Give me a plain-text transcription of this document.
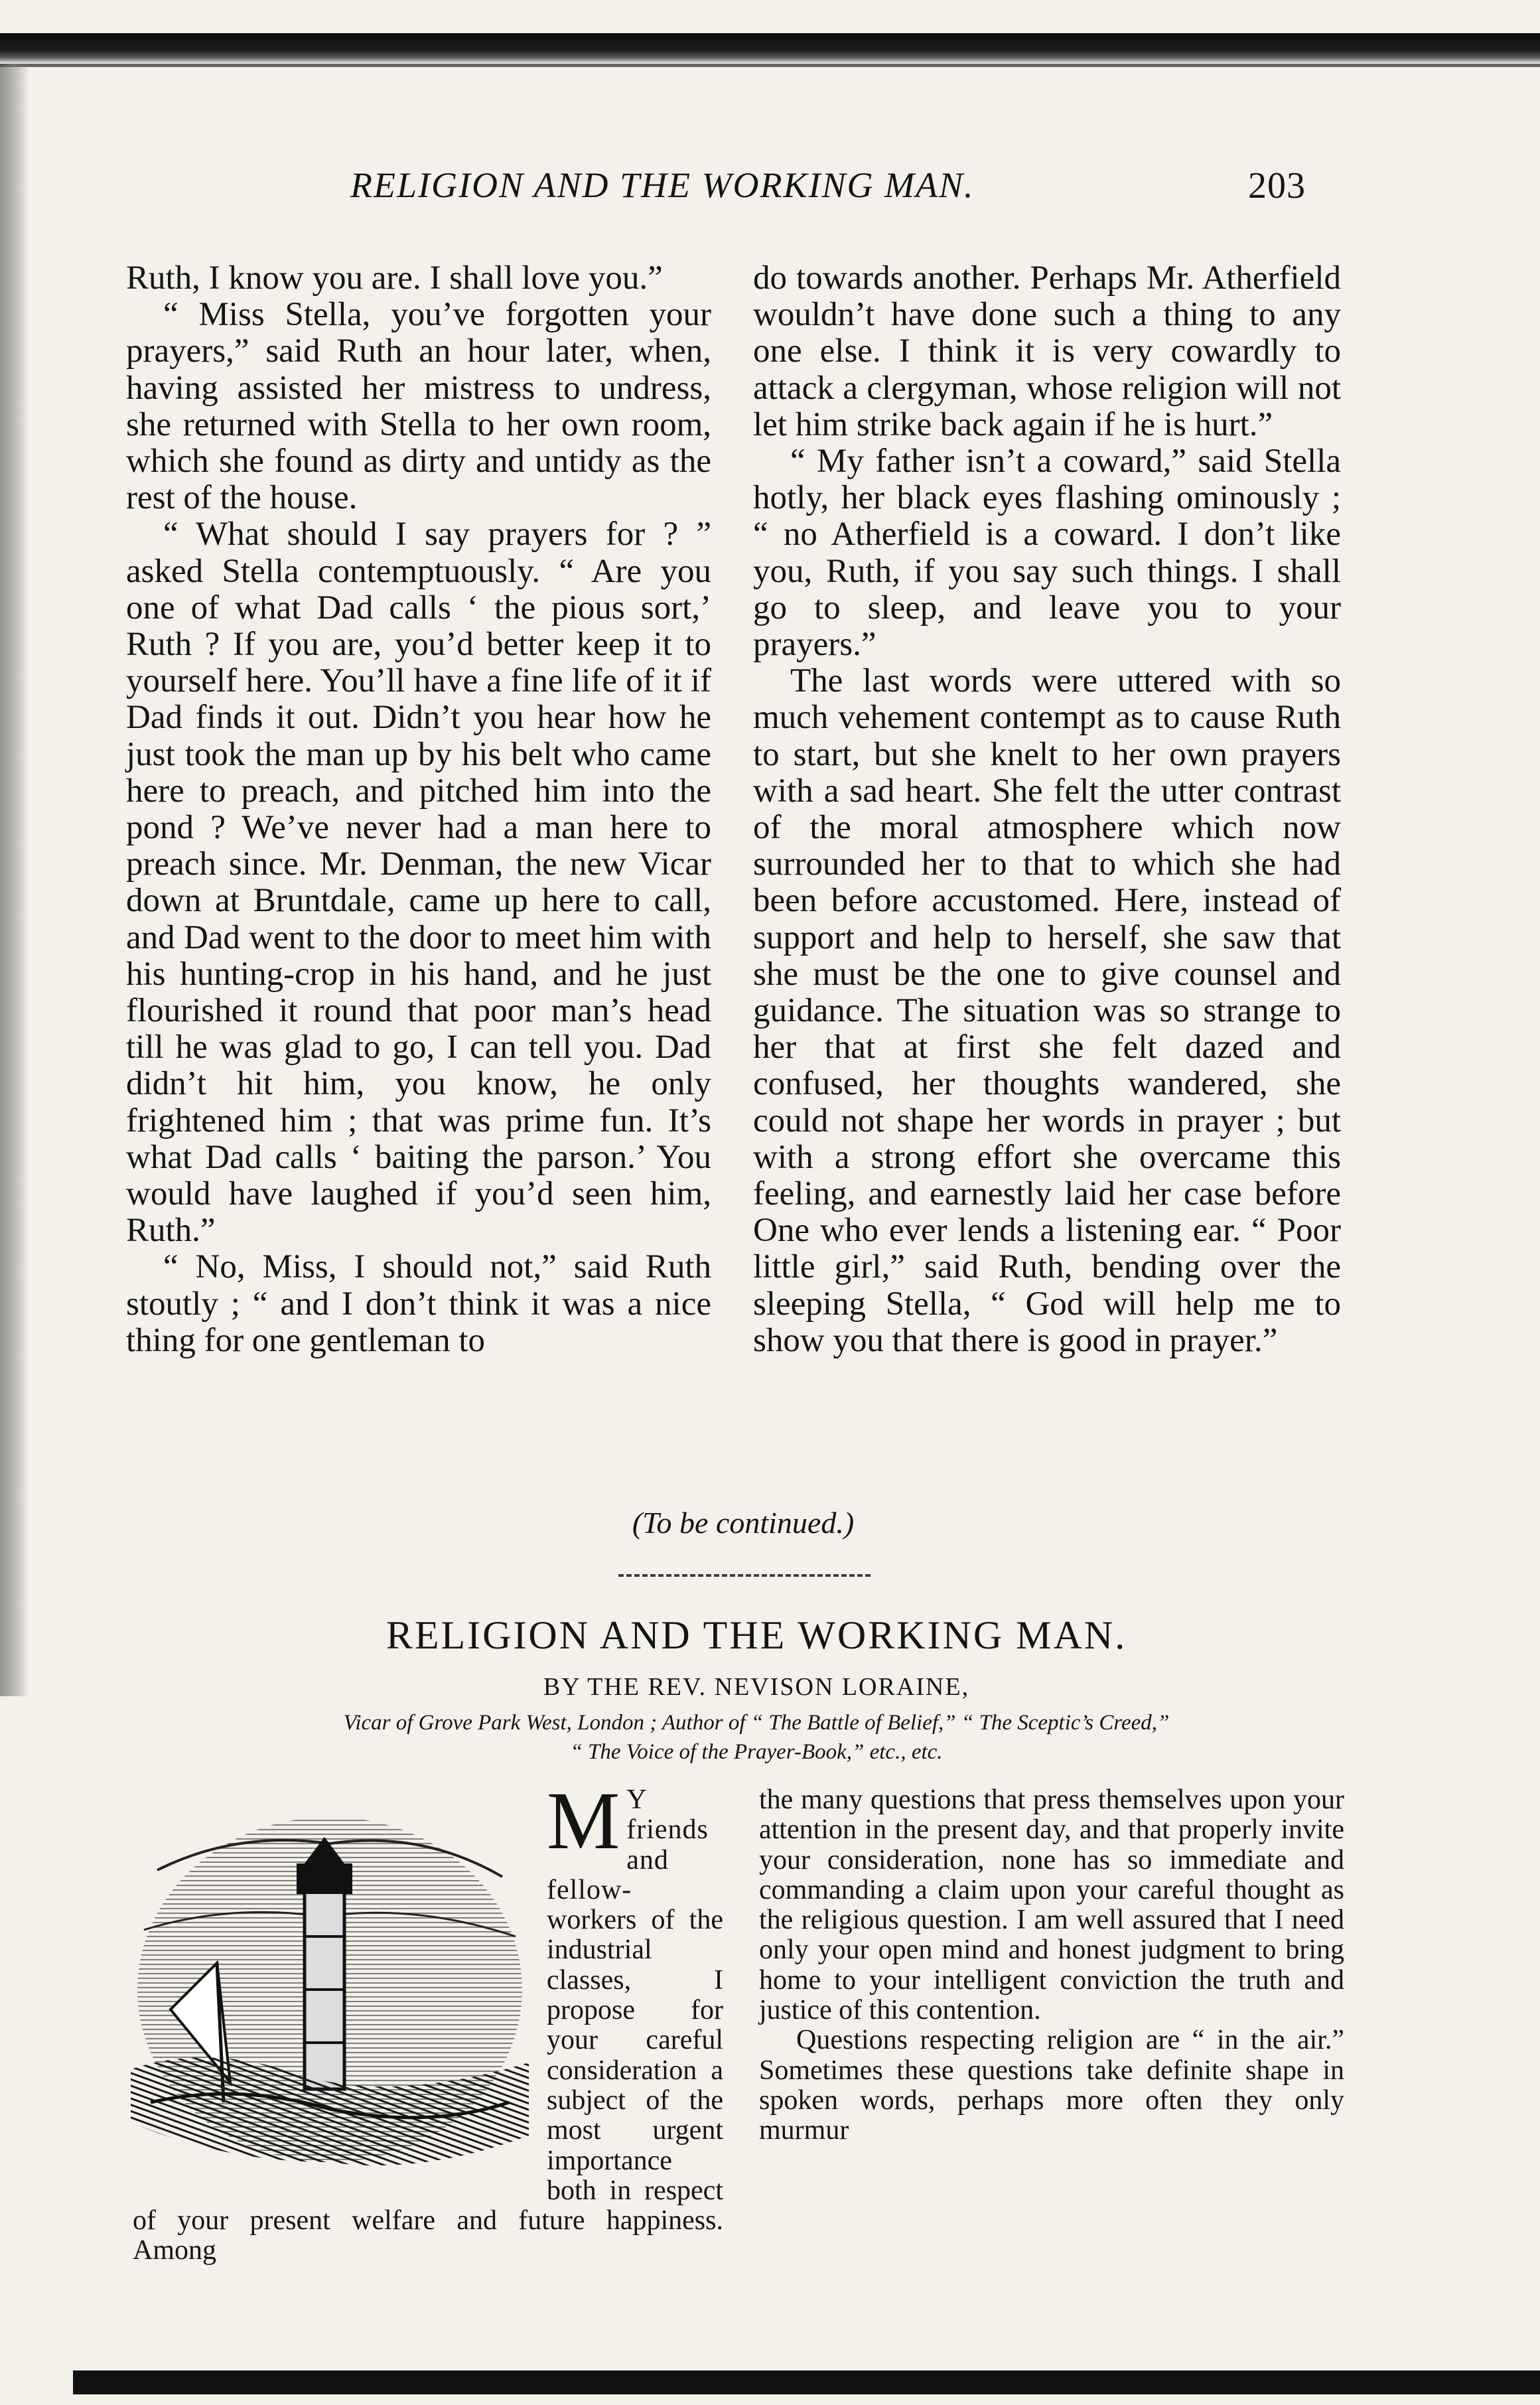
RELIGION AND THE WORKING MAN.	203

Ruth, I know you are. I shall love you.”

“ Miss Stella, you’ve forgotten your prayers,” said Ruth an hour later, when, having assisted her mistress to undress, she returned with Stella to her own room, which she found as dirty and untidy as the rest of the house.

“ What should I say prayers for ? ” asked Stella contemptuously. “ Are you one of what Dad calls ‘ the pious sort,’ Ruth ? If you are, you’d better keep it to yourself here. You’ll have a fine life of it if Dad finds it out. Didn’t you hear how he just took the man up by his belt who came here to preach, and pitched him into the pond ? We’ve never had a man here to preach since. Mr. Denman, the new Vicar down at Bruntdale, came up here to call, and Dad went to the door to meet him with his hunting-crop in his hand, and he just flourished it round that poor man’s head till he was glad to go, I can tell you. Dad didn’t hit him, you know, he only frightened him ; that was prime fun. It’s what Dad calls ‘ baiting the parson.’ You would have laughed if you’d seen him, Ruth.”

“ No, Miss, I should not,” said Ruth stoutly ; “ and I don’t think it was a nice thing for one gentleman to

do towards another. Perhaps Mr. Atherfield wouldn’t have done such a thing to any one else. I think it is very cowardly to attack a clergyman, whose religion will not let him strike back again if he is hurt.”

“ My father isn’t a coward,” said Stella hotly, her black eyes flashing ominously ; “ no Atherfield is a coward. I don’t like you, Ruth, if you say such things. I shall go to sleep, and leave you to your prayers.”

The last words were uttered with so much vehement contempt as to cause Ruth to start, but she knelt to her own prayers with a sad heart. She felt the utter contrast of the moral atmosphere which now surrounded her to that to which she had been before accustomed. Here, instead of support and help to herself, she saw that she must be the one to give counsel and guidance. The situation was so strange to her that at first she felt dazed and confused, her thoughts wandered, she could not shape her words in prayer ; but with a strong effort she overcame this feeling, and earnestly laid her case before One who ever lends a listening ear. “ Poor little girl,” said Ruth, bending over the sleeping Stella, “ God will help me to show you that there is good in prayer.”

(To be continued.)
RELIGION AND THE WORKING MAN.
BY THE REV. NEVISON LORAINE,
Vicar of Grove Park West, London ; Author of “ The Battle of Belief,” “ The Sceptic’s Creed,”
“ The Voice of the Prayer-Book,” etc., etc.
M Y friends and fellow- workers of the industrial classes, I propose for your careful consideration a subject of the most urgent importance both in respect of your present welfare and future happiness. Among

the many questions that press themselves upon your attention in the present day, and that properly invite your consideration, none has so immediate and commanding a claim upon your careful thought as the religious question. I am well assured that I need only your open mind and honest judgment to bring home to your intelligent conviction the truth and justice of this contention.

Questions respecting religion are “ in the air.” Sometimes these questions take definite shape in spoken words, perhaps more often they only murmur
